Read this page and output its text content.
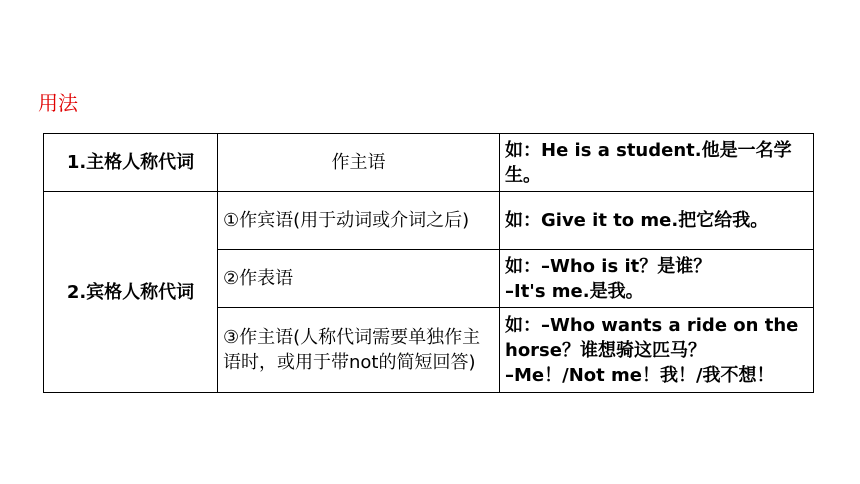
用法
1.主格人称代词	作主语	如：He is a student.他是一名学生。

2.宾格人称代词	①作宾语(用于动词或介词之后)	如：Give it to me.把它给我。

	②作表语	如：–Who is it？是谁？
–It's me.是我。

	③作主语(人称代词需要单独作主语时，或用于带not的简短回答)	如：–Who wants a ride on the horse？谁想骑这匹马？
–Me！/Not me！我！/我不想！
